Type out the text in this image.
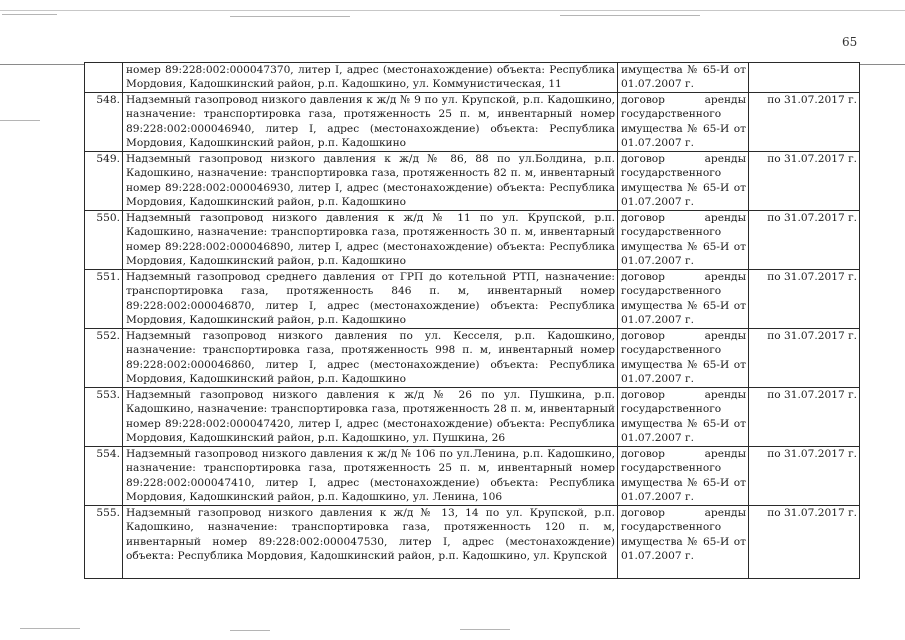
65
	номер 89:228:002:000047370, литер I, адрес (местонахождение) объекта: Республика Мордовия, Кадошкинский район, р.п. Кадошкино, ул. Коммунистическая, 11	имущества № 65-И от 01.07.2007 г.	
548.	Надземный газопровод низкого давления к ж/д № 9 по ул. Крупской, р.п. Кадошкино, назначение: транспортировка газа, протяженность 25 п. м, инвентарный номер 89:228:002:000046940, литер I, адрес (местонахождение) объекта: Республика Мордовия, Кадошкинский район, р.п. Кадошкино	договор аренды государственного имущества № 65-И от 01.07.2007 г.	по 31.07.2017 г.
549.	Надземный газопровод низкого давления к ж/д № 86, 88 по ул.Болдина, р.п. Кадошкино, назначение: транспортировка газа, протяженность 82 п. м, инвентарный номер 89:228:002:000046930, литер I, адрес (местонахождение) объекта: Республика Мордовия, Кадошкинский район, р.п. Кадошкино	договор аренды государственного имущества № 65-И от 01.07.2007 г.	по 31.07.2017 г.
550.	Надземный газопровод низкого давления к ж/д № 11 по ул. Крупской, р.п. Кадошкино, назначение: транспортировка газа, протяженность 30 п. м, инвентарный номер 89:228:002:000046890, литер I, адрес (местонахождение) объекта: Республика Мордовия, Кадошкинский район, р.п. Кадошкино	договор аренды государственного имущества № 65-И от 01.07.2007 г.	по 31.07.2017 г.
551.	Надземный газопровод среднего давления от ГРП до котельной РТП, назначение: транспортировка газа, протяженность 846 п. м, инвентарный номер 89:228:002:000046870, литер I, адрес (местонахождение) объекта: Республика Мордовия, Кадошкинский район, р.п. Кадошкино	договор аренды государственного имущества № 65-И от 01.07.2007 г.	по 31.07.2017 г.
552.	Надземный газопровод низкого давления по ул. Кесселя, р.п. Кадошкино, назначение: транспортировка газа, протяженность 998 п. м, инвентарный номер 89:228:002:000046860, литер I, адрес (местонахождение) объекта: Республика Мордовия, Кадошкинский район, р.п. Кадошкино	договор аренды государственного имущества № 65-И от 01.07.2007 г.	по 31.07.2017 г.
553.	Надземный газопровод низкого давления к ж/д № 26 по ул. Пушкина, р.п. Кадошкино, назначение: транспортировка газа, протяженность 28 п. м, инвентарный номер 89:228:002:000047420, литер I, адрес (местонахождение) объекта: Республика Мордовия, Кадошкинский район, р.п. Кадошкино, ул. Пушкина, 26	договор аренды государственного имущества № 65-И от 01.07.2007 г.	по 31.07.2017 г.
554.	Надземный газопровод низкого давления к ж/д № 106 по ул.Ленина, р.п. Кадошкино, назначение: транспортировка газа, протяженность 25 п. м, инвентарный номер 89:228:002:000047410, литер I, адрес (местонахождение) объекта: Республика Мордовия, Кадошкинский район, р.п. Кадошкино, ул. Ленина, 106	договор аренды государственного имущества № 65-И от 01.07.2007 г.	по 31.07.2017 г.
555.	Надземный газопровод низкого давления к ж/д № 13, 14 по ул. Крупской, р.п. Кадошкино, назначение: транспортировка газа, протяженность 120 п. м, инвентарный номер 89:228:002:000047530, литер I, адрес (местонахождение) объекта: Республика Мордовия, Кадошкинский район, р.п. Кадошкино, ул. Крупской	договор аренды государственного имущества № 65-И от 01.07.2007 г.	по 31.07.2017 г.
